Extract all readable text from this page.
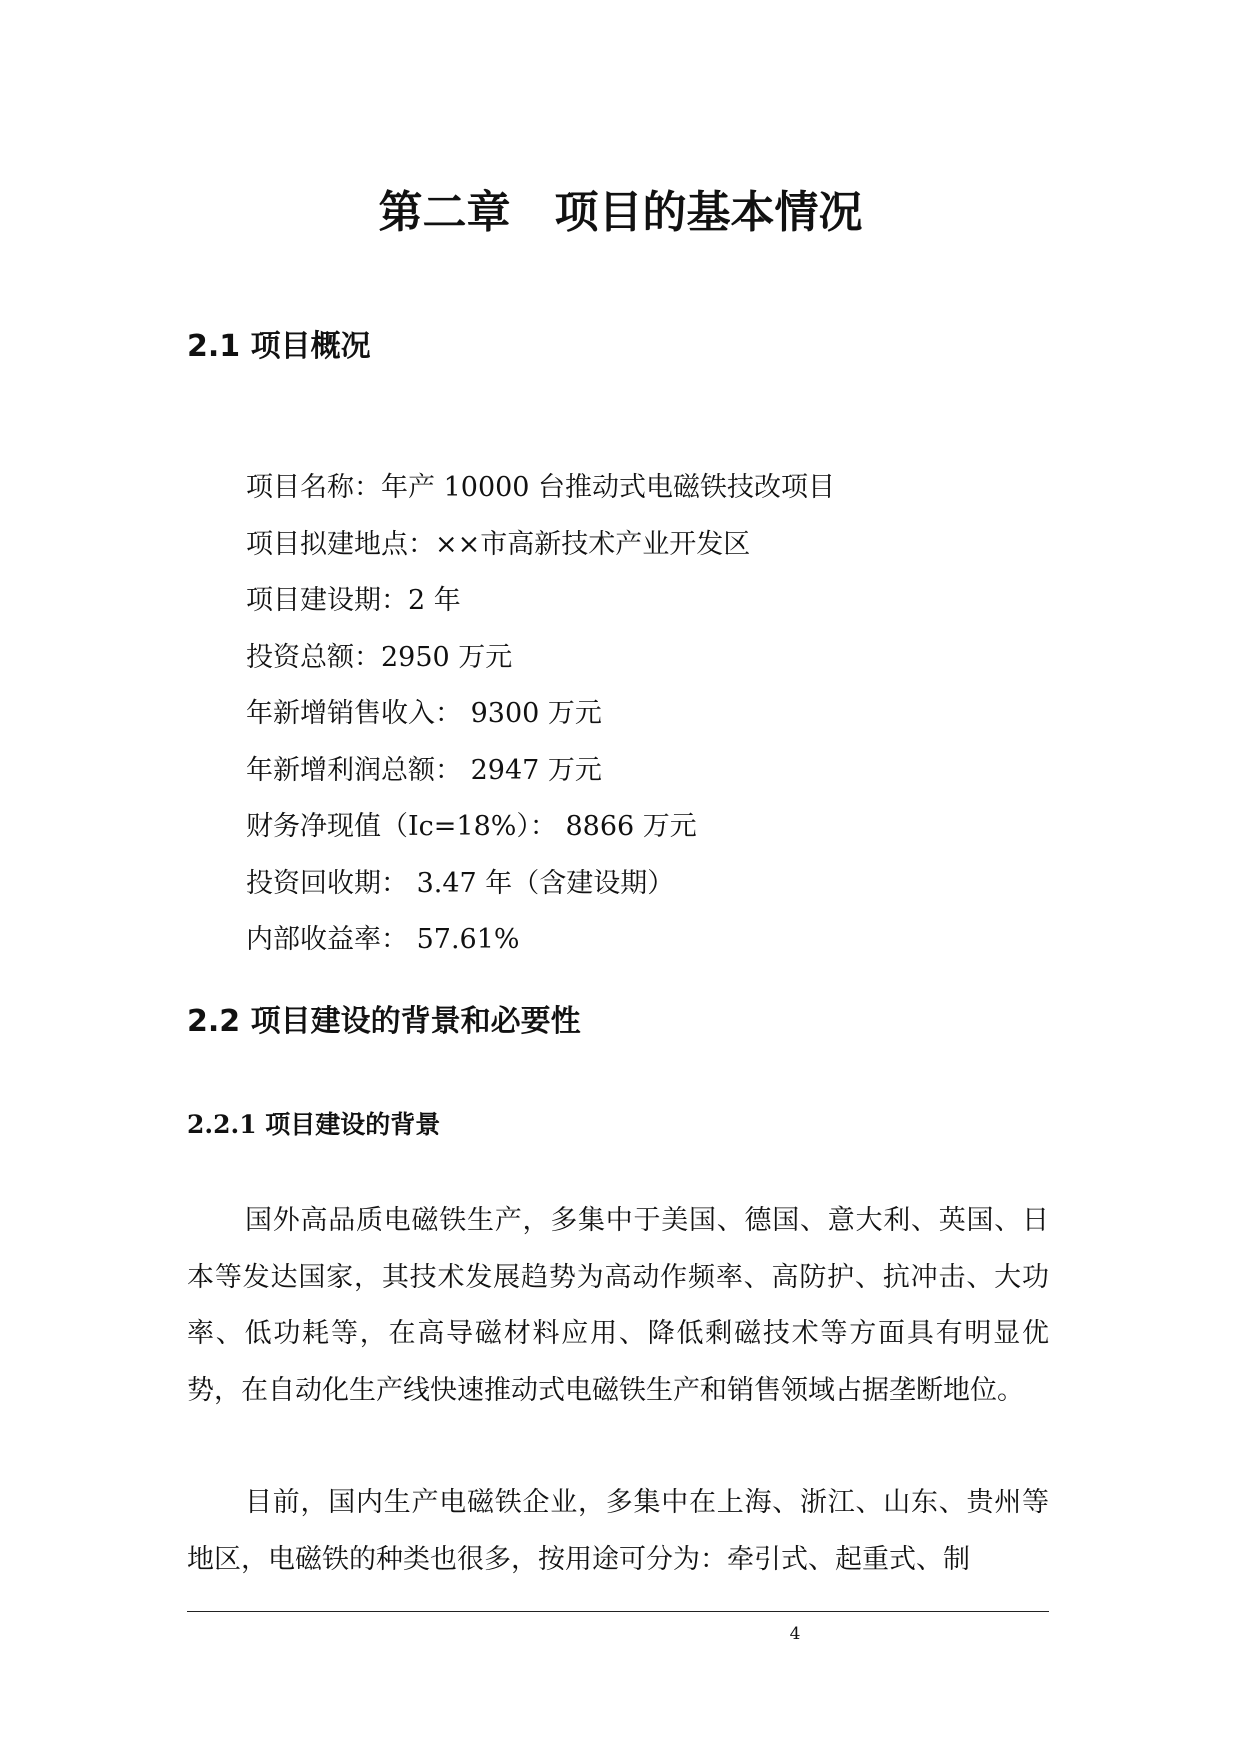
第二章　项目的基本情况
2.1 项目概况
项目名称：年产 10000 台推动式电磁铁技改项目
项目拟建地点：××市高新技术产业开发区
项目建设期：2 年
投资总额：2950 万元
年新增销售收入： 9300 万元
年新增利润总额： 2947 万元
财务净现值（Ic=18%）： 8866 万元
投资回收期： 3.47 年（含建设期）
内部收益率： 57.61%
2.2 项目建设的背景和必要性
2.2.1 项目建设的背景

国外高品质电磁铁生产，多集中于美国、德国、意大利、英国、日本等发达国家，其技术发展趋势为高动作频率、高防护、抗冲击、大功率、低功耗等，在高导磁材料应用、降低剩磁技术等方面具有明显优势，在自动化生产线快速推动式电磁铁生产和销售领域占据垄断地位。

目前，国内生产电磁铁企业，多集中在上海、浙江、山东、贵州等地区，电磁铁的种类也很多，按用途可分为：牵引式、起重式、制

4
